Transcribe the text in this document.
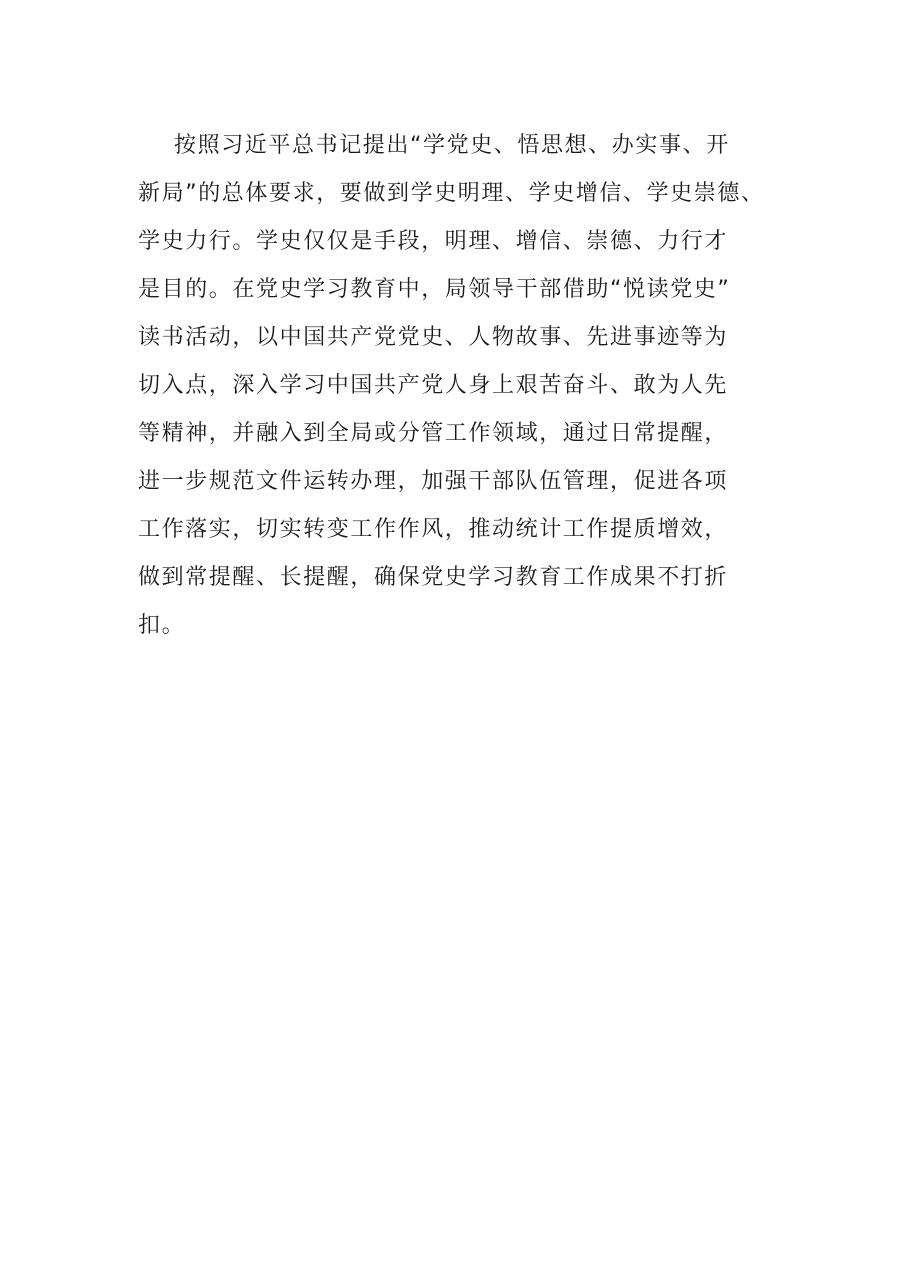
按照习近平总书记提出“学党史、悟思想、办实事、开
新局”的总体要求，要做到学史明理、学史增信、学史崇德、
学史力行。学史仅仅是手段，明理、增信、崇德、力行才
是目的。在党史学习教育中，局领导干部借助“悦读党史”
读书活动，以中国共产党党史、人物故事、先进事迹等为
切入点，深入学习中国共产党人身上艰苦奋斗、敢为人先
等精神，并融入到全局或分管工作领域，通过日常提醒，
进一步规范文件运转办理，加强干部队伍管理，促进各项
工作落实，切实转变工作作风，推动统计工作提质增效，
做到常提醒、长提醒，确保党史学习教育工作成果不打折
扣。
